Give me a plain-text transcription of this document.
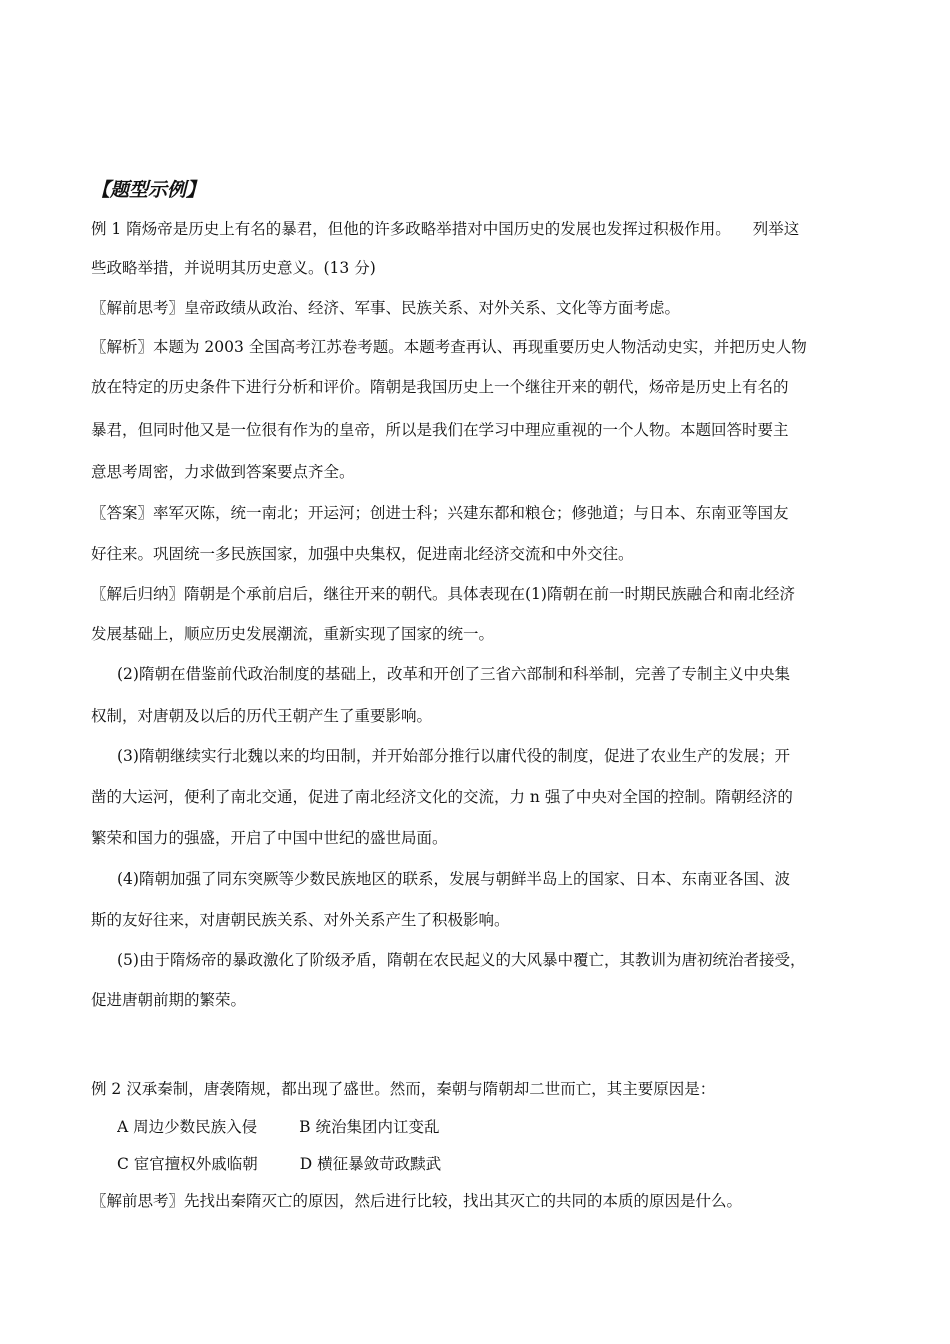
【题型示例】
例 1 隋炀帝是历史上有名的暴君，但他的许多政略举措对中国历史的发展也发挥过积极作用。 列举这
些政略举措，并说明其历史意义。(13 分)
〖解前思考〗皇帝政绩从政治、经济、军事、民族关系、对外关系、文化等方面考虑。
〖解析〗本题为 2003 全国高考江苏卷考题。本题考查再认、再现重要历史人物活动史实，并把历史人物
放在特定的历史条件下进行分析和评价。隋朝是我国历史上一个继往开来的朝代，炀帝是历史上有名的
暴君，但同时他又是一位很有作为的皇帝，所以是我们在学习中理应重视的一个人物。本题回答时要主
意思考周密，力求做到答案要点齐全。
〖答案〗率军灭陈，统一南北；开运河；创进士科；兴建东都和粮仓；修弛道；与日本、东南亚等国友
好往来。巩固统一多民族国家，加强中央集权，促进南北经济交流和中外交往。
〖解后归纳〗隋朝是个承前启后，继往开来的朝代。具体表现在(1)隋朝在前一时期民族融合和南北经济
发展基础上，顺应历史发展潮流，重新实现了国家的统一。
(2)隋朝在借鉴前代政治制度的基础上，改革和开创了三省六部制和科举制，完善了专制主义中央集
权制，对唐朝及以后的历代王朝产生了重要影响。
(3)隋朝继续实行北魏以来的均田制，并开始部分推行以庸代役的制度，促进了农业生产的发展；开
凿的大运河，便利了南北交通，促进了南北经济文化的交流，力 n 强了中央对全国的控制。隋朝经济的
繁荣和国力的强盛，开启了中国中世纪的盛世局面。
(4)隋朝加强了同东突厥等少数民族地区的联系，发展与朝鲜半岛上的国家、日本、东南亚各国、波
斯的友好往来，对唐朝民族关系、对外关系产生了积极影响。
(5)由于隋炀帝的暴政激化了阶级矛盾，隋朝在农民起义的大风暴中覆亡，其教训为唐初统治者接受，
促进唐朝前期的繁荣。
例 2 汉承秦制，唐袭隋规，都出现了盛世。然而，秦朝与隋朝却二世而亡，其主要原因是：
A 周边少数民族入侵	B 统治集团内讧变乱
C 宦官擅权外戚临朝	D 横征暴敛苛政黩武
〖解前思考〗先找出秦隋灭亡的原因，然后进行比较，找出其灭亡的共同的本质的原因是什么。
